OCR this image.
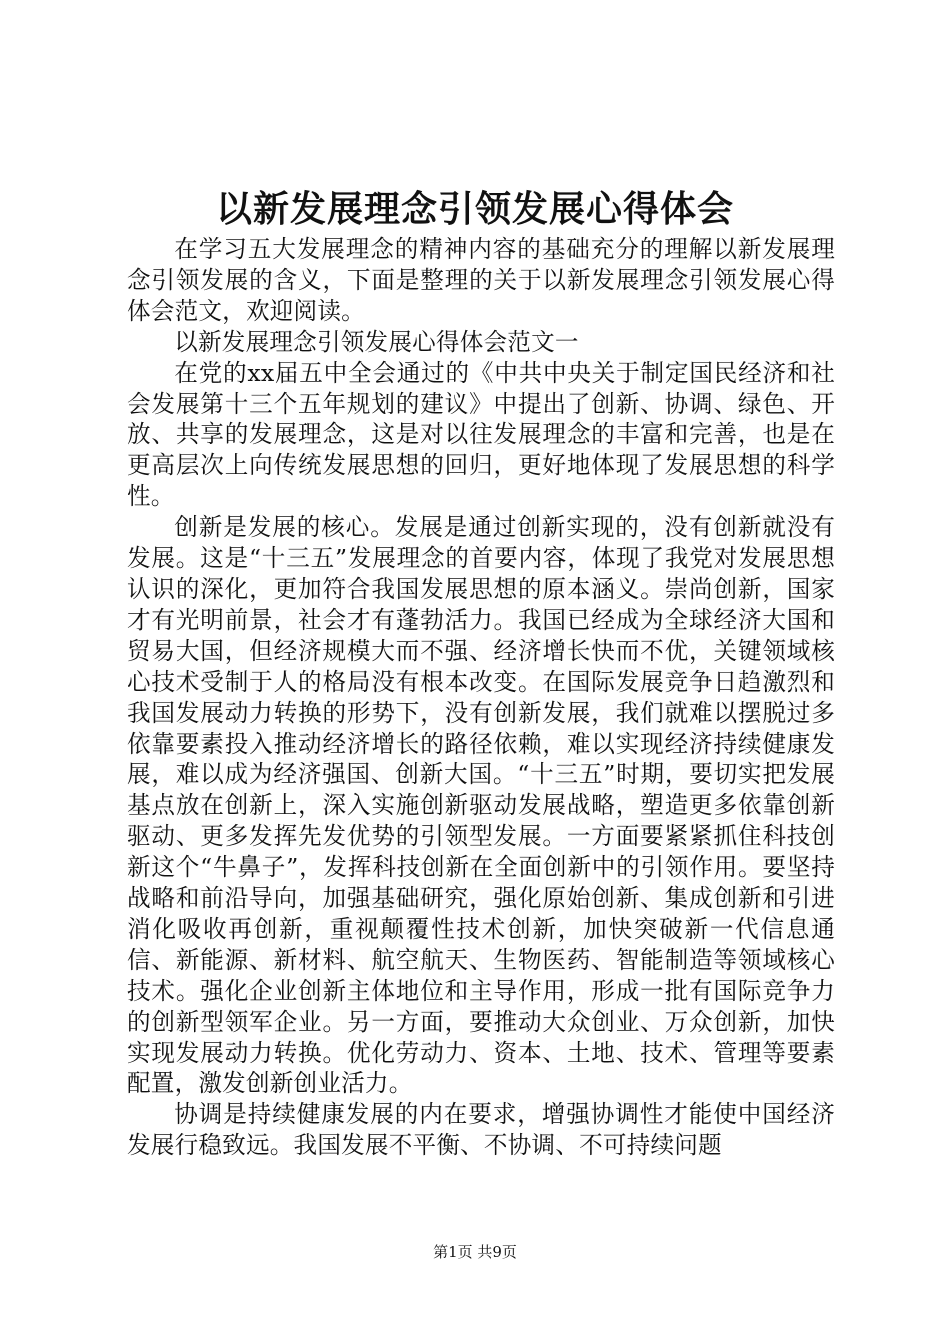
以新发展理念引领发展心得体会

在学习五大发展理念的精神内容的基础充分的理解以新发展理念引领发展的含义，下面是整理的关于以新发展理念引领发展心得体会范文，欢迎阅读。

以新发展理念引领发展心得体会范文一

在党的xx届五中全会通过的《中共中央关于制定国民经济和社会发展第十三个五年规划的建议》中提出了创新、协调、绿色、开放、共享的发展理念，这是对以往发展理念的丰富和完善，也是在更高层次上向传统发展思想的回归，更好地体现了发展思想的科学性。

创新是发展的核心。发展是通过创新实现的，没有创新就没有发展。这是“十三五”发展理念的首要内容，体现了我党对发展思想认识的深化，更加符合我国发展思想的原本涵义。崇尚创新，国家才有光明前景，社会才有蓬勃活力。我国已经成为全球经济大国和贸易大国，但经济规模大而不强、经济增长快而不优，关键领域核心技术受制于人的格局没有根本改变。在国际发展竞争日趋激烈和我国发展动力转换的形势下，没有创新发展，我们就难以摆脱过多依靠要素投入推动经济增长的路径依赖，难以实现经济持续健康发展，难以成为经济强国、创新大国。“十三五”时期，要切实把发展基点放在创新上，深入实施创新驱动发展战略，塑造更多依靠创新驱动、更多发挥先发优势的引领型发展。一方面要紧紧抓住科技创新这个“牛鼻子”，发挥科技创新在全面创新中的引领作用。要坚持战略和前沿导向，加强基础研究，强化原始创新、集成创新和引进消化吸收再创新，重视颠覆性技术创新，加快突破新一代信息通信、新能源、新材料、航空航天、生物医药、智能制造等领域核心技术。强化企业创新主体地位和主导作用，形成一批有国际竞争力的创新型领军企业。另一方面，要推动大众创业、万众创新，加快实现发展动力转换。优化劳动力、资本、土地、技术、管理等要素配置，激发创新创业活力。

协调是持续健康发展的内在要求，增强协调性才能使中国经济发展行稳致远。我国发展不平衡、不协调、不可持续问题

第1页 共9页
